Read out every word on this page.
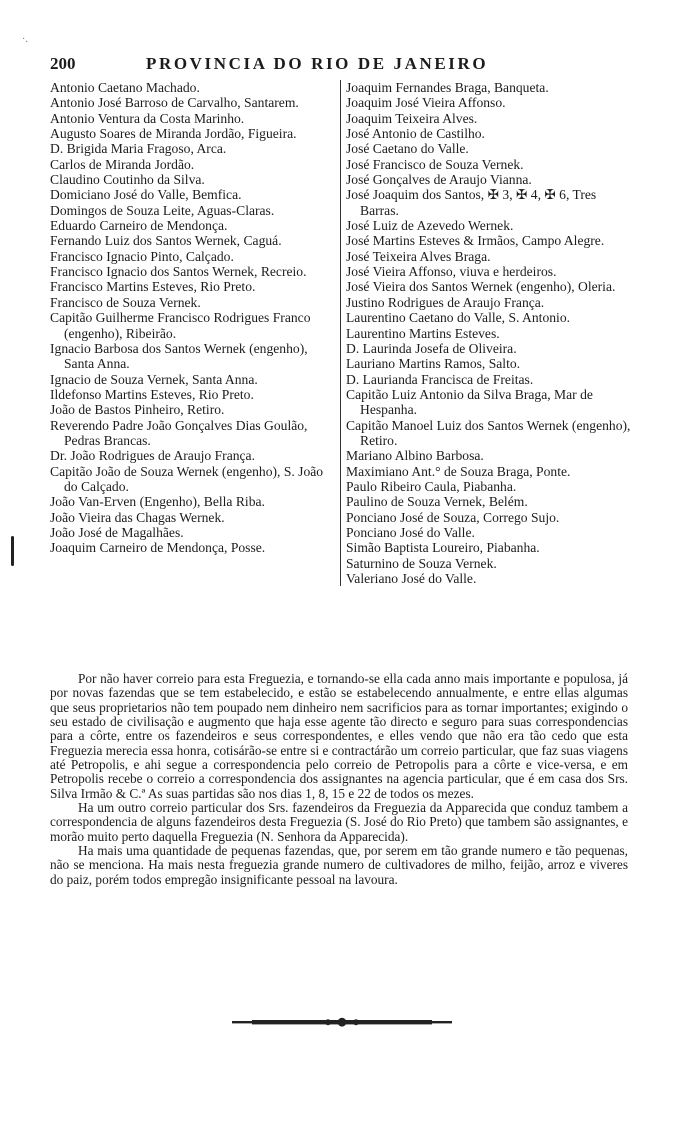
·.
200	PROVINCIA DO RIO DE JANEIRO

Antonio Caetano Machado.

Antonio José Barroso de Carvalho, Santarem.

Antonio Ventura da Costa Marinho.

Augusto Soares de Miranda Jordão, Figueira.

D. Brigida Maria Fragoso, Arca.

Carlos de Miranda Jordão.

Claudino Coutinho da Silva.

Domiciano José do Valle, Bemfica.

Domingos de Souza Leite, Aguas-Claras.

Eduardo Carneiro de Mendonça.

Fernando Luiz dos Santos Wernek, Caguá.

Francisco Ignacio Pinto, Calçado.

Francisco Ignacio dos Santos Wernek, Recreio.

Francisco Martins Esteves, Rio Preto.

Francisco de Souza Vernek.

Capitão Guilherme Francisco Rodrigues Franco (engenho), Ribeirão.

Ignacio Barbosa dos Santos Wernek (engenho), Santa Anna.

Ignacio de Souza Vernek, Santa Anna.

Ildefonso Martins Esteves, Rio Preto.

João de Bastos Pinheiro, Retiro.

Reverendo Padre João Gonçalves Dias Goulão, Pedras Brancas.

Dr. João Rodrigues de Araujo França.

Capitão João de Souza Wernek (engenho), S. João do Calçado.

João Van-Erven (Engenho), Bella Riba.

João Vieira das Chagas Wernek.

João José de Magalhães.

Joaquim Carneiro de Mendonça, Posse.

Joaquim Fernandes Braga, Banqueta.

Joaquim José Vieira Affonso.

Joaquim Teixeira Alves.

José Antonio de Castilho.

José Caetano do Valle.

José Francisco de Souza Vernek.

José Gonçalves de Araujo Vianna.

José Joaquim dos Santos, ✠ 3, ✠ 4, ✠ 6, Tres Barras.

José Luiz de Azevedo Wernek.

José Martins Esteves & Irmãos, Campo Alegre.

José Teixeira Alves Braga.

José Vieira Affonso, viuva e herdeiros.

José Vieira dos Santos Wernek (engenho), Oleria.

Justino Rodrigues de Araujo França.

Laurentino Caetano do Valle, S. Antonio.

Laurentino Martins Esteves.

D. Laurinda Josefa de Oliveira.

Lauriano Martins Ramos, Salto.

D. Laurianda Francisca de Freitas.

Capitão Luiz Antonio da Silva Braga, Mar de Hespanha.

Capitão Manoel Luiz dos Santos Wernek (engenho), Retiro.

Mariano Albino Barbosa.

Maximiano Ant.° de Souza Braga, Ponte.

Paulo Ribeiro Caula, Piabanha.

Paulino de Souza Vernek, Belém.

Ponciano José de Souza, Corrego Sujo.

Ponciano José do Valle.

Simão Baptista Loureiro, Piabanha.

Saturnino de Souza Vernek.

Valeriano José do Valle.

Por não haver correio para esta Freguezia, e tornando-se ella cada anno mais importante e populosa, já por novas fazendas que se tem estabelecido, e estão se estabelecendo annualmente, e entre ellas algumas que seus proprietarios não tem poupado nem dinheiro nem sacrificios para as tornar importantes; exigindo o seu estado de civilisação e augmento que haja esse agente tão directo e seguro para suas correspondencias para a côrte, entre os fazendeiros e seus correspondentes, e elles vendo que não era tão cedo que esta Freguezia merecia essa honra, cotisárão-se entre si e contractárão um correio particular, que faz suas viagens até Petropolis, e ahi segue a correspondencia pelo correio de Petropolis para a côrte e vice-versa, e em Petropolis recebe o correio a correspondencia dos assignantes na agencia particular, que é em casa dos Srs. Silva Irmão & C.ª As suas partidas são nos dias 1, 8, 15 e 22 de todos os mezes.

Ha um outro correio particular dos Srs. fazendeiros da Freguezia da Apparecida que conduz tambem a correspondencia de alguns fazendeiros desta Freguezia (S. José do Rio Preto) que tambem são assignantes, e morão muito perto daquella Freguezia (N. Senhora da Apparecida).

Ha mais uma quantidade de pequenas fazendas, que, por serem em tão grande numero e tão pequenas, não se menciona. Ha mais nesta freguezia grande numero de cultivadores de milho, feijão, arroz e viveres do paiz, porém todos empregão insignificante pessoal na lavoura.
